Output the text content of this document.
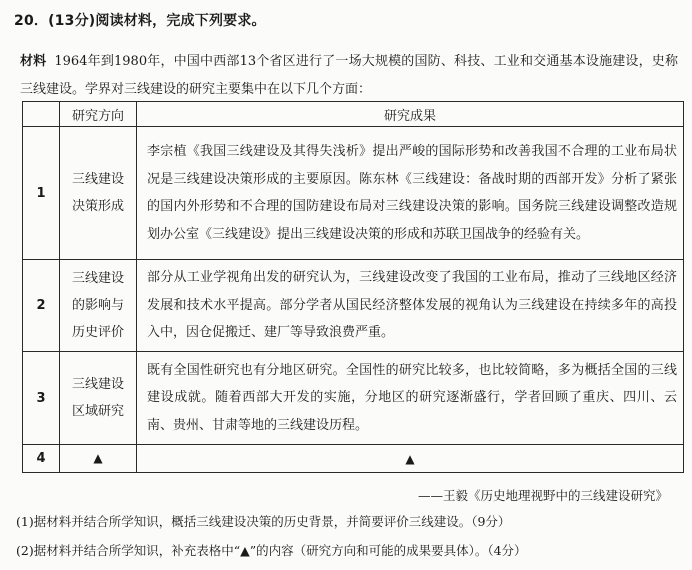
20．(13分)阅读材料，完成下列要求。
材料 1964年到1980年，中国中西部13个省区进行了一场大规模的国防、科技、工业和交通基本设施建设，史称三线建设。学界对三线建设的研究主要集中在以下几个方面：
	研究方向	研究成果
1	三线建设
决策形成	李宗植《我国三线建设及其得失浅析》提出严峻的国际形势和改善我国不合理的工业布局状况是三线建设决策形成的主要原因。陈东林《三线建设：备战时期的西部开发》分析了紧张的国内外形势和不合理的国防建设布局对三线建设决策的影响。国务院三线建设调整改造规划办公室《三线建设》提出三线建设决策的形成和苏联卫国战争的经验有关。
2	三线建设
的影响与
历史评价	部分从工业学视角出发的研究认为，三线建设改变了我国的工业布局，推动了三线地区经济发展和技术水平提高。部分学者从国民经济整体发展的视角认为三线建设在持续多年的高投入中，因仓促搬迁、建厂等导致浪费严重。
3	三线建设
区域研究	既有全国性研究也有分地区研究。全国性的研究比较多，也比较简略，多为概括全国的三线建设成就。随着西部大开发的实施，分地区的研究逐渐盛行，学者回顾了重庆、四川、云南、贵州、甘肃等地的三线建设历程。
4	▲	▲
——王毅《历史地理视野中的三线建设研究》
(1)据材料并结合所学知识，概括三线建设决策的历史背景，并简要评价三线建设。（9分）
(2)据材料并结合所学知识，补充表格中“▲”的内容（研究方向和可能的成果要具体）。（4分）
